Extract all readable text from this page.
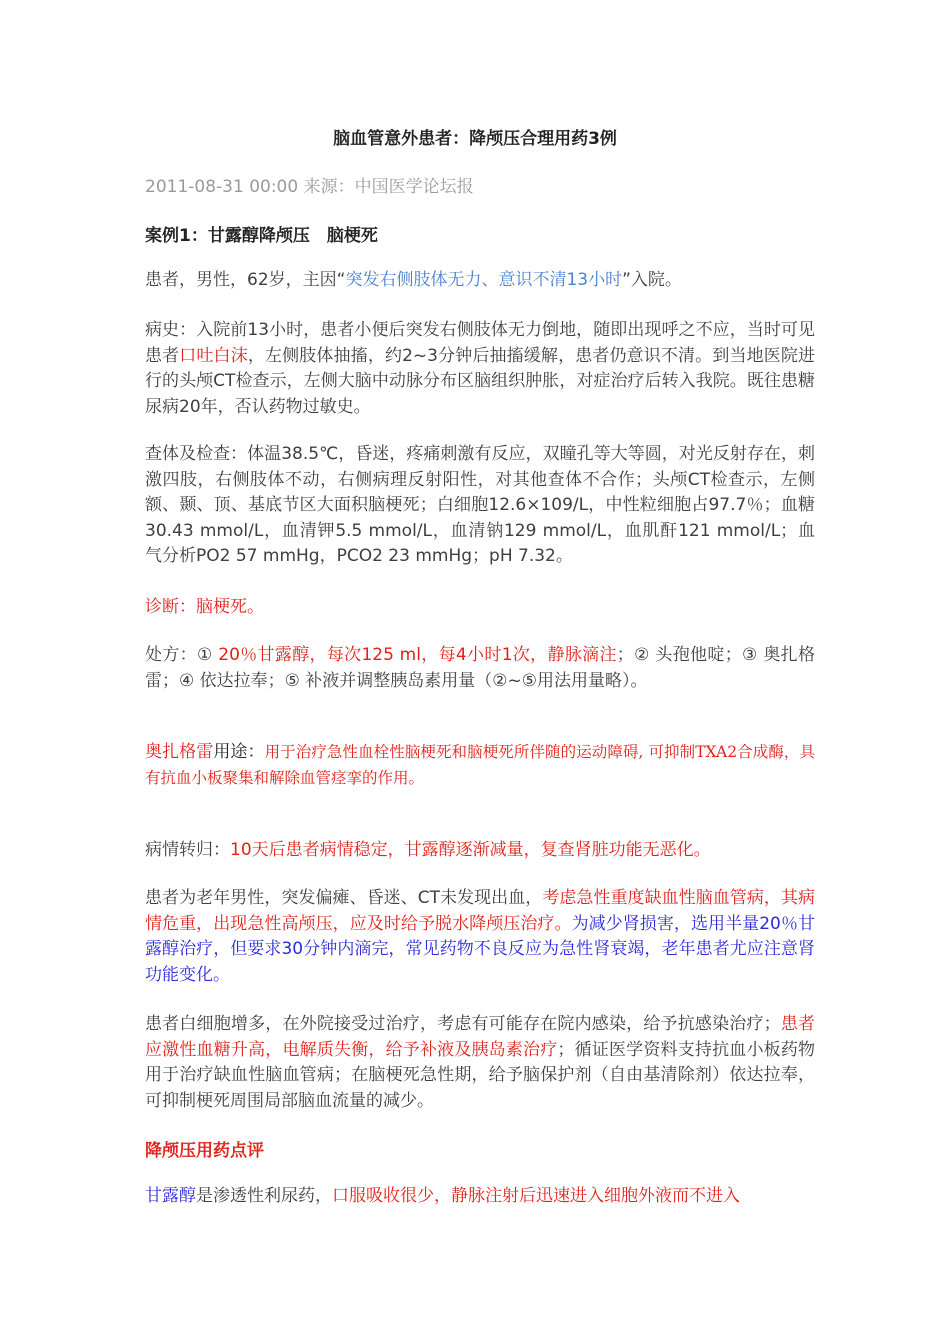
脑血管意外患者：降颅压合理用药3例
2011-08-31 00:00 来源：中国医学论坛报
案例1：甘露醇降颅压　脑梗死
患者，男性，62岁，主因“突发右侧肢体无力、意识不清13小时”入院。
病史：入院前13小时，患者小便后突发右侧肢体无力倒地，随即出现呼之不应，当时可见患者口吐白沫，左侧肢体抽搐，约2~3分钟后抽搐缓解，患者仍意识不清。到当地医院进行的头颅CT检查示，左侧大脑中动脉分布区脑组织肿胀，对症治疗后转入我院。既往患糖尿病20年，否认药物过敏史。
查体及检查：体温38.5℃，昏迷，疼痛刺激有反应，双瞳孔等大等圆，对光反射存在，刺激四肢，右侧肢体不动，右侧病理反射阳性，对其他查体不合作；头颅CT检查示，左侧额、颞、顶、基底节区大面积脑梗死；白细胞12.6×109/L，中性粒细胞占97.7％；血糖30.43 mmol/L，血清钾5.5 mmol/L，血清钠129 mmol/L，血肌酐121 mmol/L；血气分析PO2 57 mmHg，PCO2 23 mmHg；pH 7.32。
诊断：脑梗死。
处方：① 20％甘露醇，每次125 ml，每4小时1次，静脉滴注；② 头孢他啶；③ 奥扎格雷；④ 依达拉奉；⑤ 补液并调整胰岛素用量（②~⑤用法用量略）。
奥扎格雷用途：用于治疗急性血栓性脑梗死和脑梗死所伴随的运动障碍, 可抑制TXA2合成酶，具有抗血小板聚集和解除血管痉挛的作用。
病情转归：10天后患者病情稳定，甘露醇逐渐减量，复查肾脏功能无恶化。
患者为老年男性，突发偏瘫、昏迷、CT未发现出血，考虑急性重度缺血性脑血管病，其病情危重，出现急性高颅压，应及时给予脱水降颅压治疗。为减少肾损害，选用半量20％甘露醇治疗，但要求30分钟内滴完，常见药物不良反应为急性肾衰竭，老年患者尤应注意肾功能变化。
患者白细胞增多，在外院接受过治疗，考虑有可能存在院内感染，给予抗感染治疗；患者应激性血糖升高，电解质失衡，给予补液及胰岛素治疗；循证医学资料支持抗血小板药物用于治疗缺血性脑血管病；在脑梗死急性期，给予脑保护剂（自由基清除剂）依达拉奉，可抑制梗死周围局部脑血流量的减少。
降颅压用药点评
甘露醇是渗透性利尿药，口服吸收很少，静脉注射后迅速进入细胞外液而不进入
